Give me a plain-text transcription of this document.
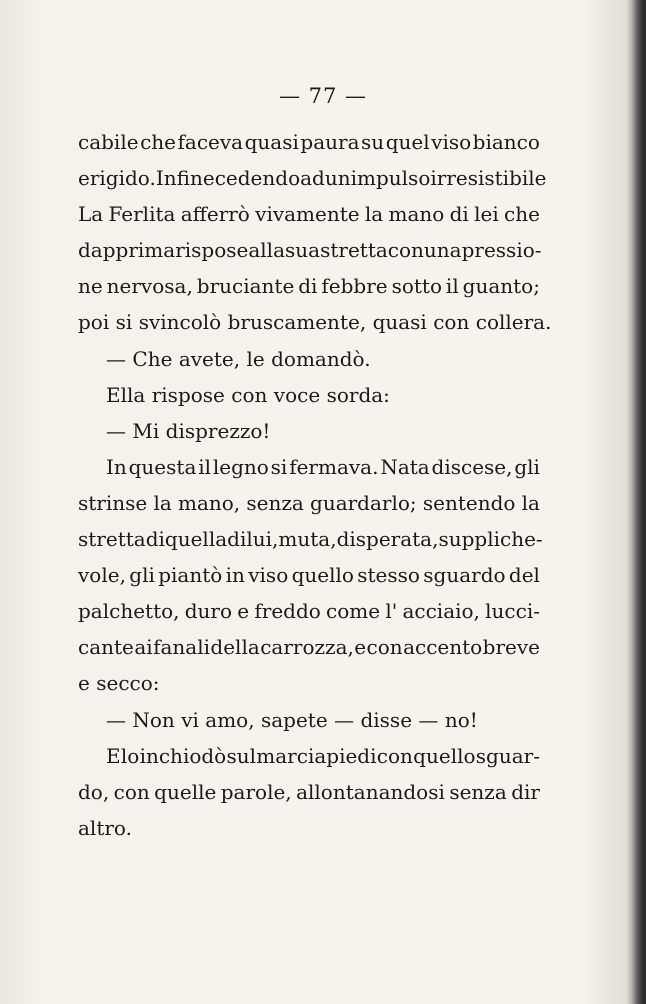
— 77 —
cabile che faceva quasi paura su quel viso bianco
e rigido. Infine cedendo ad un impulso irresistibile
La Ferlita afferrò vivamente la mano di lei che
dapprima rispose alla sua stretta con una pressio-
ne nervosa, bruciante di febbre sotto il guanto;
poi si svincolò bruscamente, quasi con collera.
— Che avete, le domandò.
Ella rispose con voce sorda:
— Mi disprezzo!
In questa il legno si fermava. Nata discese, gli
strinse la mano, senza guardarlo; sentendo la
stretta di quella di lui, muta, disperata, suppliche-
vole, gli piantò in viso quello stesso sguardo del
palchetto, duro e freddo come l' acciaio, lucci-
cante ai fanali della carrozza, e con accento breve
e secco:
— Non vi amo, sapete — disse — no!
E lo inchiodò sul marciapiedi con quello sguar-
do, con quelle parole, allontanandosi senza dir
altro.
